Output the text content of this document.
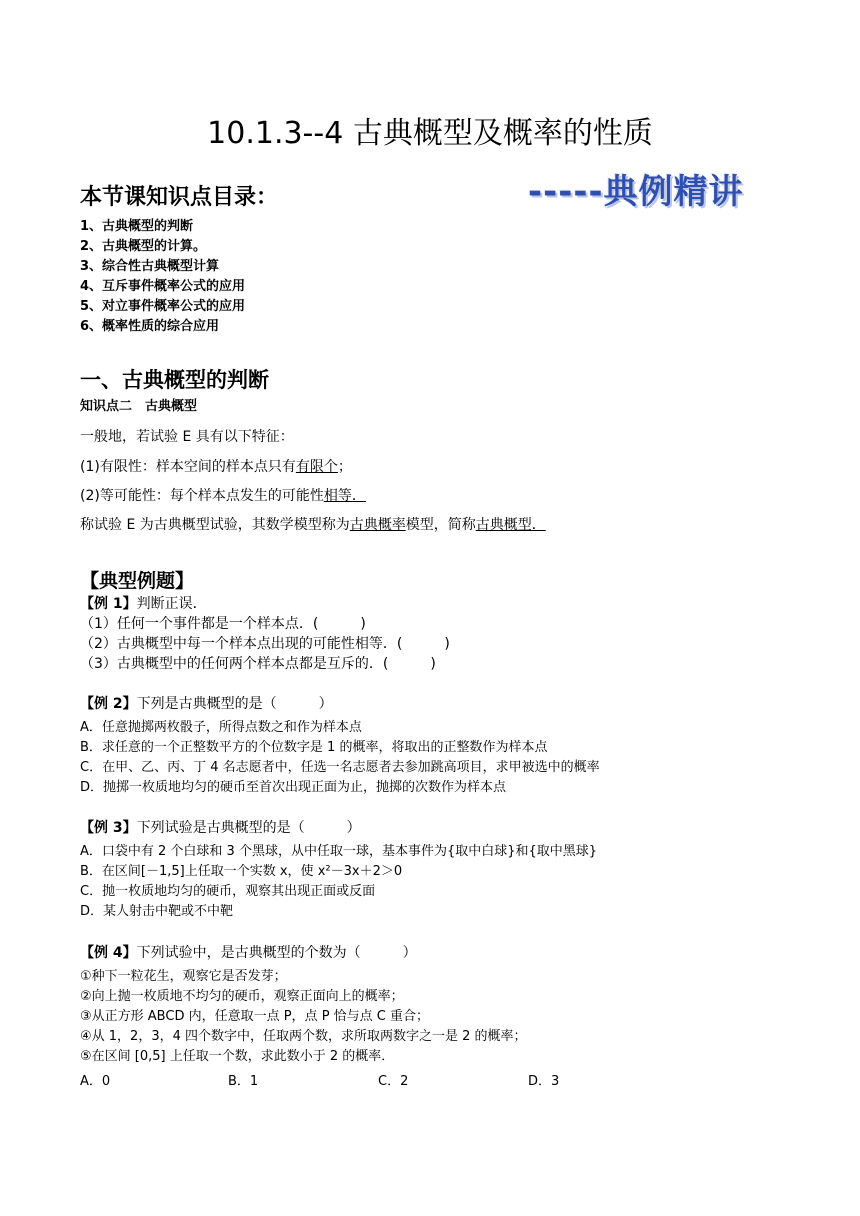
10.1.3--4 古典概型及概率的性质
-----典例精讲
本节课知识点目录：
1、古典概型的判断
2、古典概型的计算。
3、综合性古典概型计算
4、互斥事件概率公式的应用
5、对立事件概率公式的应用
6、概率性质的综合应用
一、古典概型的判断
知识点二　古典概型
一般地，若试验 E 具有以下特征：
(1)有限性：样本空间的样本点只有有限个；
(2)等可能性：每个样本点发生的可能性相等．
称试验 E 为古典概型试验，其数学模型称为古典概率模型，简称古典概型．
【典型例题】
【例 1】判断正误．
（1）任何一个事件都是一个样本点．(　　　)
（2）古典概型中每一个样本点出现的可能性相等．(　　　)
（3）古典概型中的任何两个样本点都是互斥的．(　　　)
【例 2】下列是古典概型的是（　　　）
A．任意抛掷两枚骰子，所得点数之和作为样本点
B．求任意的一个正整数平方的个位数字是 1 的概率，将取出的正整数作为样本点
C．在甲、乙、丙、丁 4 名志愿者中，任选一名志愿者去参加跳高项目，求甲被选中的概率
D．抛掷一枚质地均匀的硬币至首次出现正面为止，抛掷的次数作为样本点
【例 3】下列试验是古典概型的是（　　　）
A．口袋中有 2 个白球和 3 个黑球，从中任取一球，基本事件为{取中白球}和{取中黑球}
B．在区间[－1,5]上任取一个实数 x，使 x²－3x＋2＞0
C．抛一枚质地均匀的硬币，观察其出现正面或反面
D．某人射击中靶或不中靶
【例 4】下列试验中，是古典概型的个数为（　　　）
①种下一粒花生，观察它是否发芽；
②向上抛一枚质地不均匀的硬币，观察正面向上的概率；
③从正方形 ABCD 内，任意取一点 P，点 P 恰与点 C 重合；
④从 1，2，3，4 四个数字中，任取两个数，求所取两数字之一是 2 的概率；
⑤在区间 [0,5] 上任取一个数，求此数小于 2 的概率．
A．0	B．1	C．2	D．3
